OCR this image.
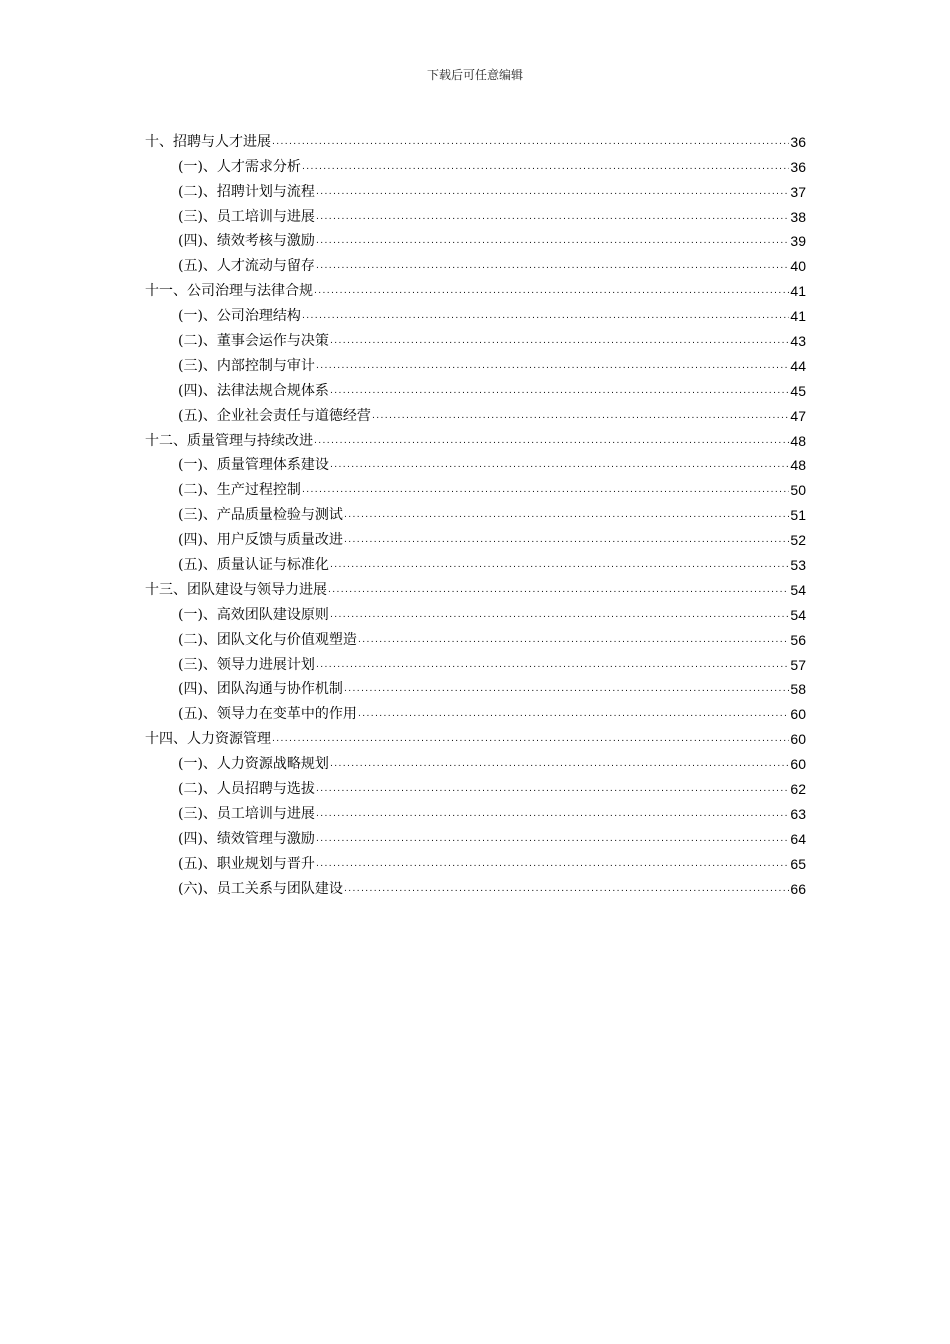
下载后可任意编辑
十、招聘与人才进展 .....	36
(一)、人才需求分析 .....	36
(二)、招聘计划与流程 .....	37
(三)、员工培训与进展 .....	38
(四)、绩效考核与激励 .....	39
(五)、人才流动与留存 .....	40
十一、公司治理与法律合规 .....	41
(一)、公司治理结构 .....	41
(二)、董事会运作与决策 .....	43
(三)、内部控制与审计 .....	44
(四)、法律法规合规体系 .....	45
(五)、企业社会责任与道德经营 .....	47
十二、质量管理与持续改进 .....	48
(一)、质量管理体系建设 .....	48
(二)、生产过程控制 .....	50
(三)、产品质量检验与测试 .....	51
(四)、用户反馈与质量改进 .....	52
(五)、质量认证与标准化 .....	53
十三、团队建设与领导力进展 .....	54
(一)、高效团队建设原则 .....	54
(二)、团队文化与价值观塑造 .....	56
(三)、领导力进展计划 .....	57
(四)、团队沟通与协作机制 .....	58
(五)、领导力在变革中的作用 .....	60
十四、人力资源管理 .....	60
(一)、人力资源战略规划 .....	60
(二)、人员招聘与选拔 .....	62
(三)、员工培训与进展 .....	63
(四)、绩效管理与激励 .....	64
(五)、职业规划与晋升 .....	65
(六)、员工关系与团队建设 .....	66
